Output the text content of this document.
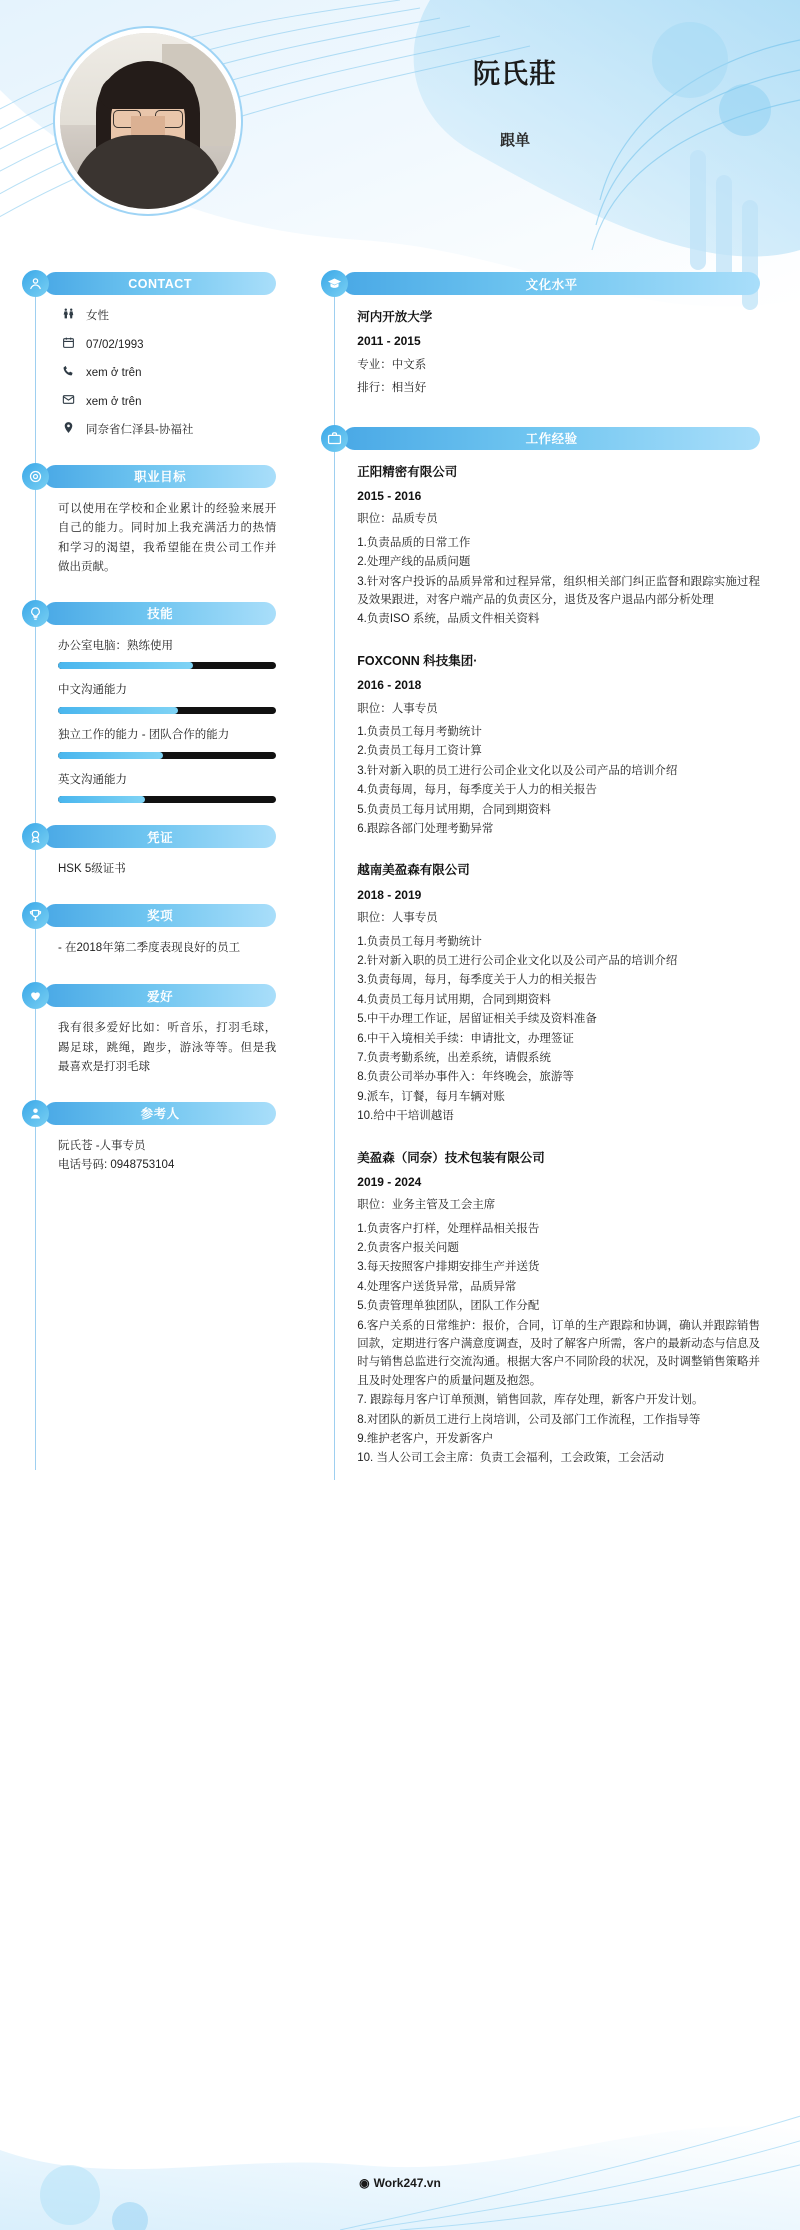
阮氏莊
跟单
CONTACT
女性
07/02/1993
xem ở trên
xem ở trên
同奈省仁泽县-协福社
职业目标
可以使用在学校和企业累计的经验来展开自己的能力。同时加上我充满活力的热情和学习的渴望，我希望能在贵公司工作并做出贡献。
技能
办公室电脑：熟练使用
中文沟通能力
独立工作的能力 - 团队合作的能力
英文沟通能力
凭证
HSK 5级证书
奖项
- 在2018年第二季度表现良好的员工
爱好
我有很多爱好比如：听音乐，打羽毛球，踢足球，跳绳，跑步，游泳等等。但是我最喜欢是打羽毛球
参考人
阮氏苍 -人事专员
电话号码: 0948753104
文化水平
河内开放大学
2011 - 2015
专业：中文系
排行：相当好
工作经验
正阳精密有限公司
2015 - 2016
职位：品质专员
1.负责品质的日常工作
2.处理产线的品质问题
3.针对客户投诉的品质异常和过程异常，组织相关部门纠正监督和跟踪实施过程及效果跟进，对客户端产品的负责区分，退货及客户退品内部分析处理
4.负责ISO 系统，品质文件相关资料
FOXCONN 科技集团·
2016 - 2018
职位：人事专员
1.负责员工每月考勤统计
2.负责员工每月工资计算
3.针对新入职的员工进行公司企业文化以及公司产品的培训介绍
4.负责每周，每月，每季度关于人力的相关报告
5.负责员工每月试用期，合同到期资料
6.跟踪各部门处理考勤异常
越南美盈森有限公司
2018 - 2019
职位：人事专员
1.负责员工每月考勤统计
2.针对新入职的员工进行公司企业文化以及公司产品的培训介绍
3.负责每周，每月，每季度关于人力的相关报告
4.负责员工每月试用期，合同到期资料
5.中干办理工作证，居留证相关手续及资料准备
6.中干入境相关手续：申请批文，办理签证
7.负责考勤系统，出差系统，请假系统
8.负责公司举办事件入：年终晚会，旅游等
9.派车，订餐，每月车辆对账
10.给中干培训越语
美盈森（同奈）技术包装有限公司
2019 - 2024
职位：业务主管及工会主席
1.负责客户打样，处理样品相关报告
2.负责客户报关问题
3.每天按照客户排期安排生产并送货
4.处理客户送货异常，品质异常
5.负责管理单独团队，团队工作分配
6.客户关系的日常维护：报价，合同，订单的生产跟踪和协调，确认并跟踪销售回款，定期进行客户满意度调查，及时了解客户所需，客户的最新动态与信息及时与销售总监进行交流沟通。根据大客户不同阶段的状况，及时调整销售策略并且及时处理客户的质量问题及抱怨。
7. 跟踪每月客户订单预测，销售回款，库存处理，新客户开发计划。
8.对团队的新员工进行上岗培训，公司及部门工作流程，工作指导等
9.维护老客户，开发新客户
10. 当人公司工会主席：负责工会福利，工会政策，工会活动
◉ Work247.vn
